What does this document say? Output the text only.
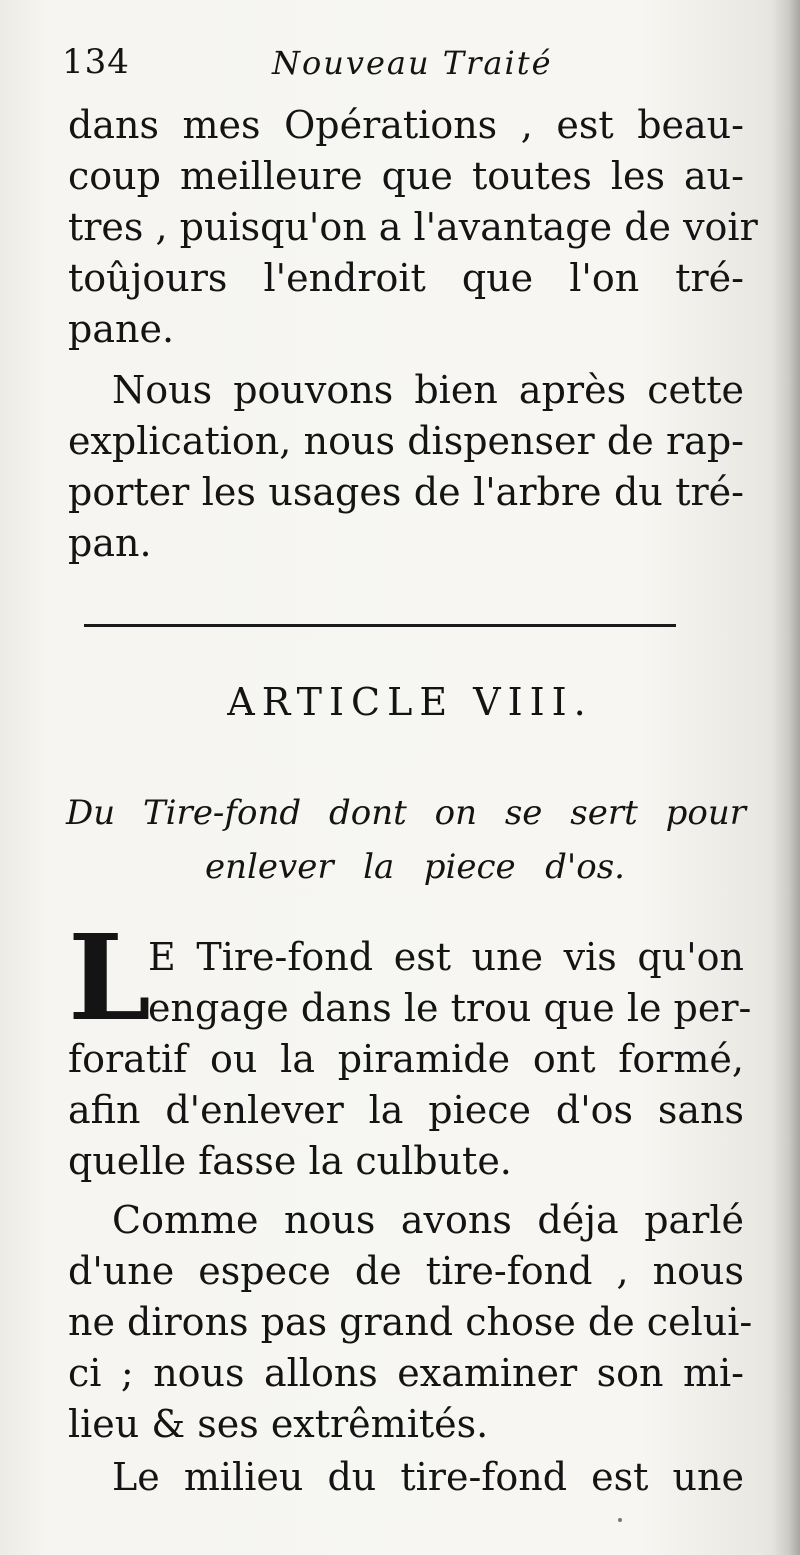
134	Nouveau Traité
dans mes Opérations , est beau-
coup meilleure que toutes les au-
tres , puisqu'on a l'avantage de voir
toûjours l'endroit que l'on tré-
pane.
Nous pouvons bien après cette
explication, nous dispenser de rap-
porter les usages de l'arbre du tré-
pan.
ARTICLE VIII.
Du Tire-fond dont on se sert pour
enlever la piece d'os.
L
E Tire-fond est une vis qu'on
engage dans le trou que le per-
foratif ou la piramide ont formé,
afin d'enlever la piece d'os sans
quelle fasse la culbute.
Comme nous avons déja parlé
d'une espece de tire-fond , nous
ne dirons pas grand chose de celui-
ci ; nous allons examiner son mi-
lieu & ses extrêmités.
Le milieu du tire-fond est une
